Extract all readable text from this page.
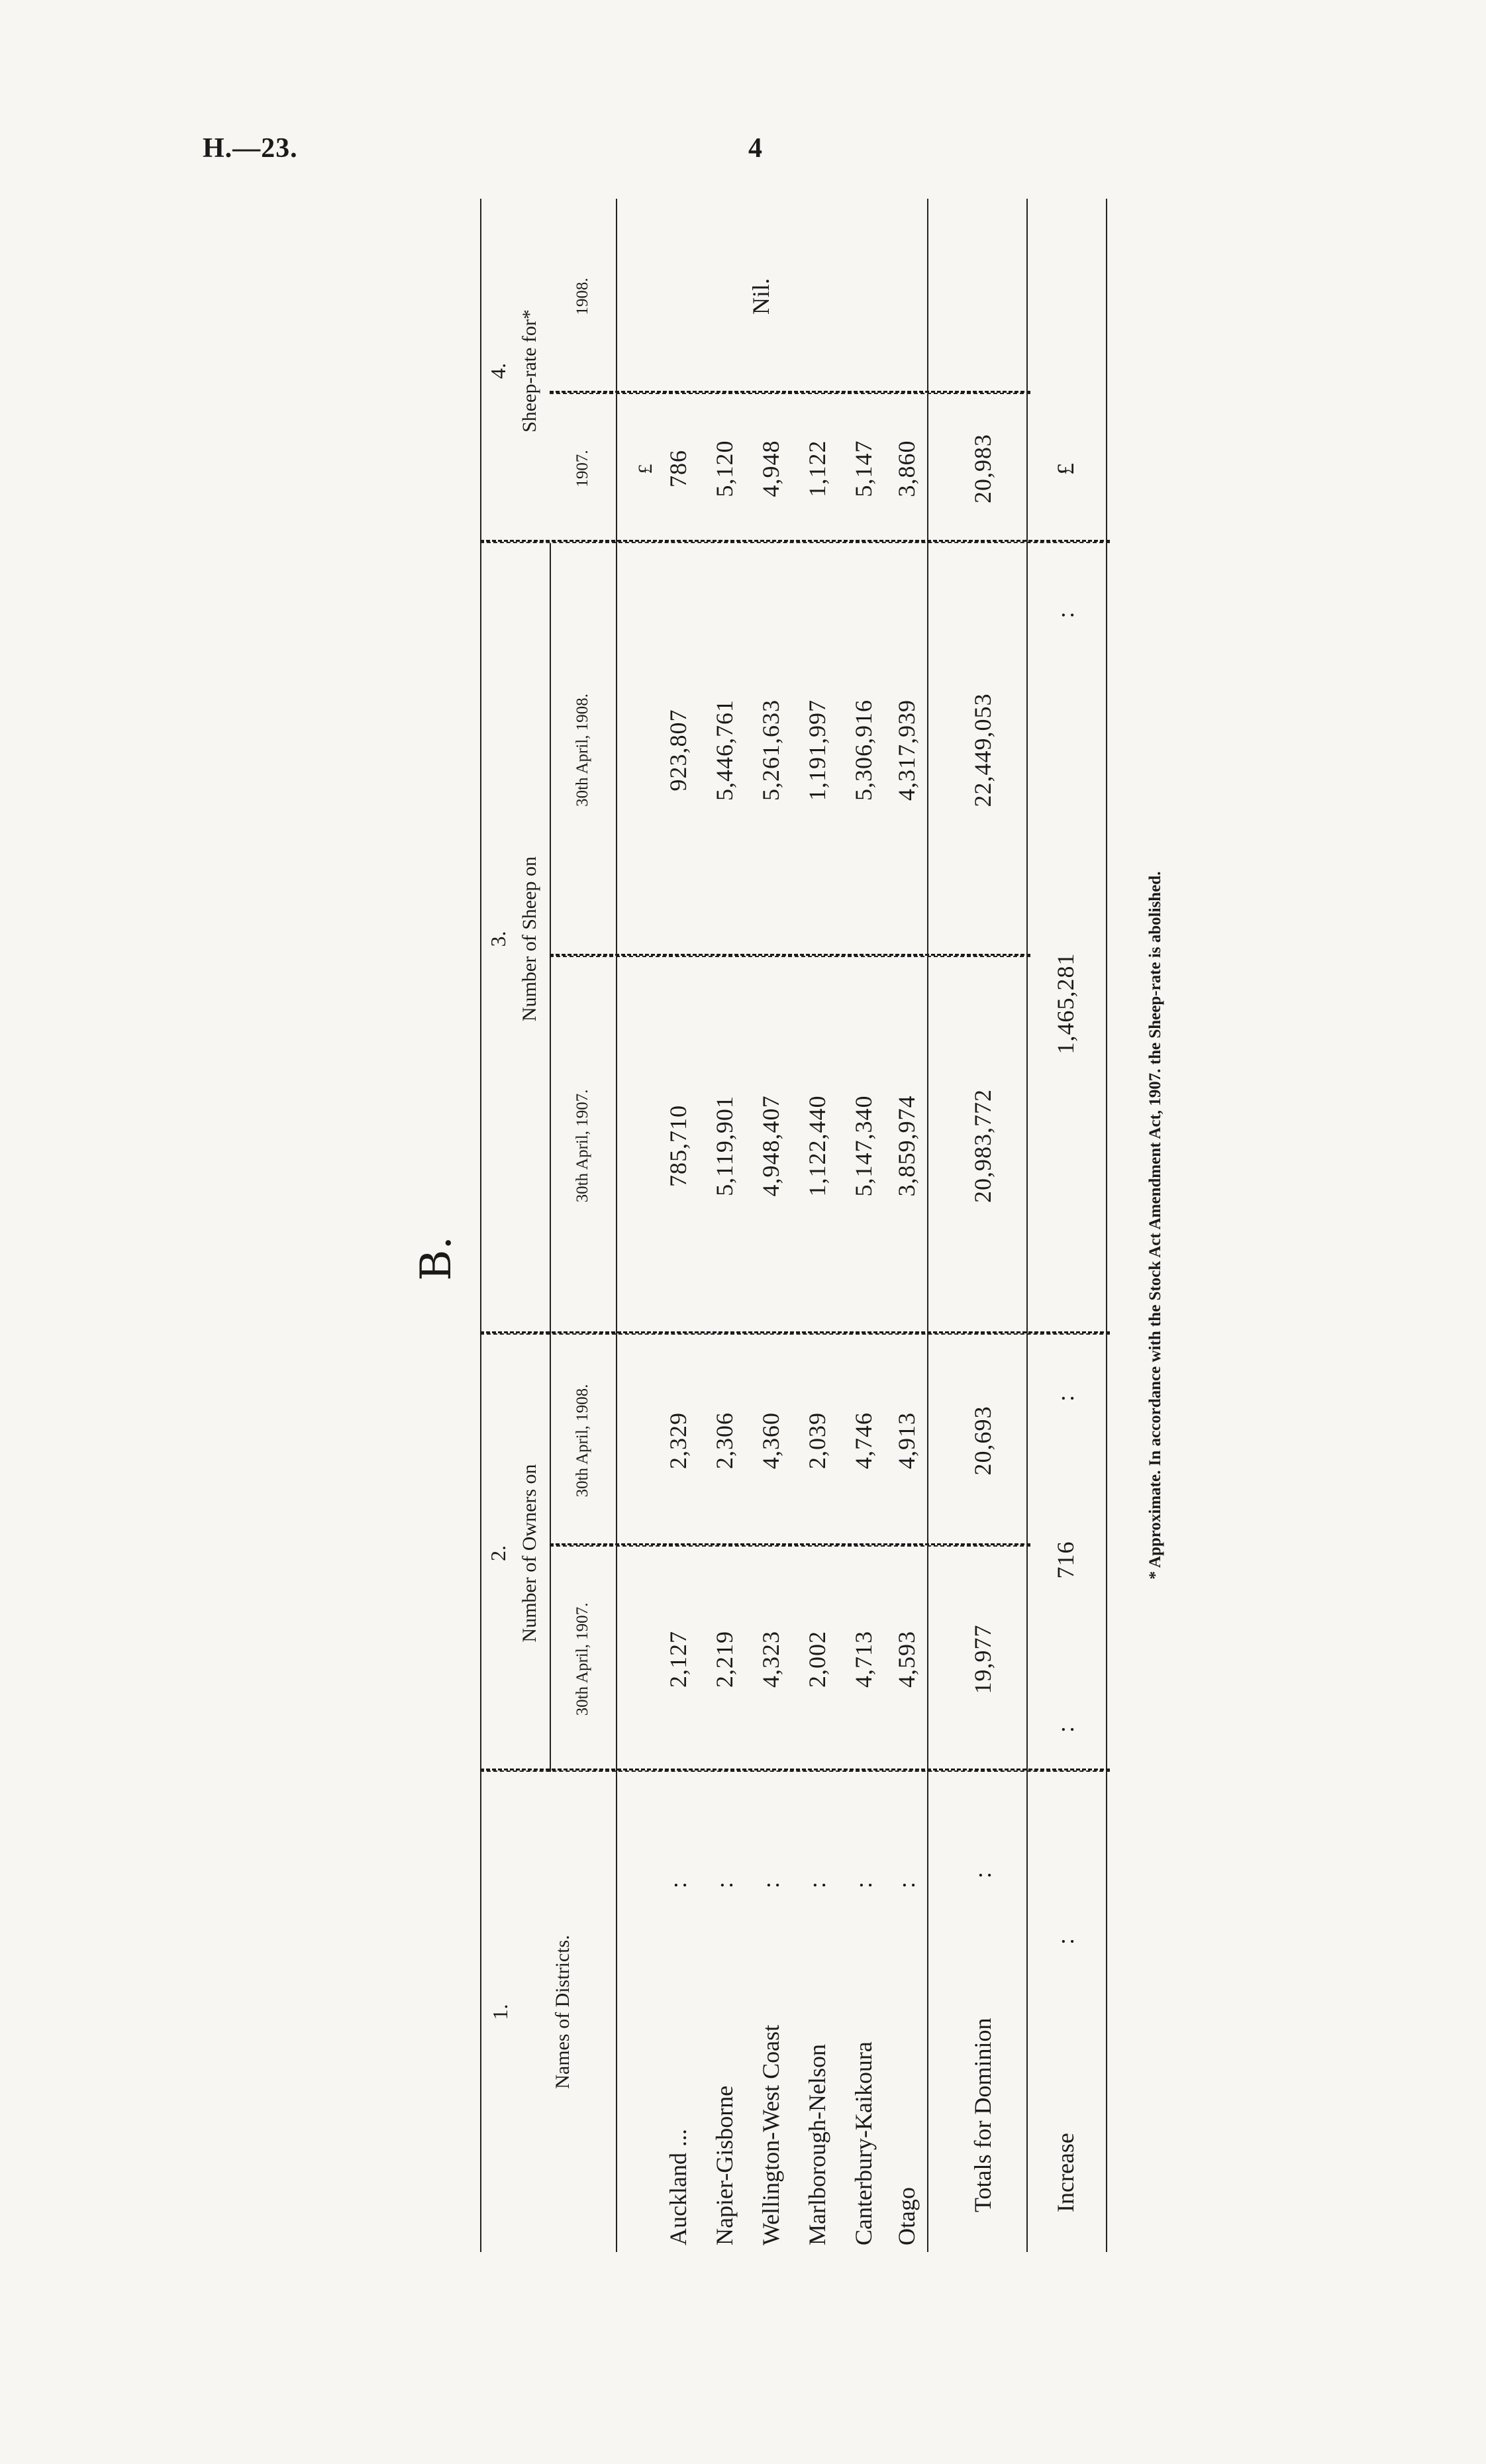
H.—23.	4
B.
1.	Names of Districts.
2. Number of Owners on
30th April, 1907.
30th April, 1908.
3. Number of Sheep on
30th April, 1907.
30th April, 1908.
4. Sheep-rate for*
1907.
1908.
Auckland ...
:
2,127
2,329
785,710
923,807
£ 786
Napier-Gisborne
:
2,219
2,306
5,119,901
5,446,761
5,120
Wellington-West Coast
:
4,323
4,360
4,948,407
5,261,633
4,948
Marlborough-Nelson
:
2,002
2,039
1,122,440
1,191,997
1,122
Canterbury-Kaikoura
:
4,713
4,746
5,147,340
5,306,916
5,147
Otago
:
4,593
4,913
3,859,974
4,317,939
3,860
Nil.
Totals for Dominion
:
19,977
20,693
20,983,772
22,449,053
20,983
Increase
:
:
716
:
1,465,281
:
£
* Approximate. In accordance with the Stock Act Amendment Act, 1907. the Sheep-rate is abolished.
